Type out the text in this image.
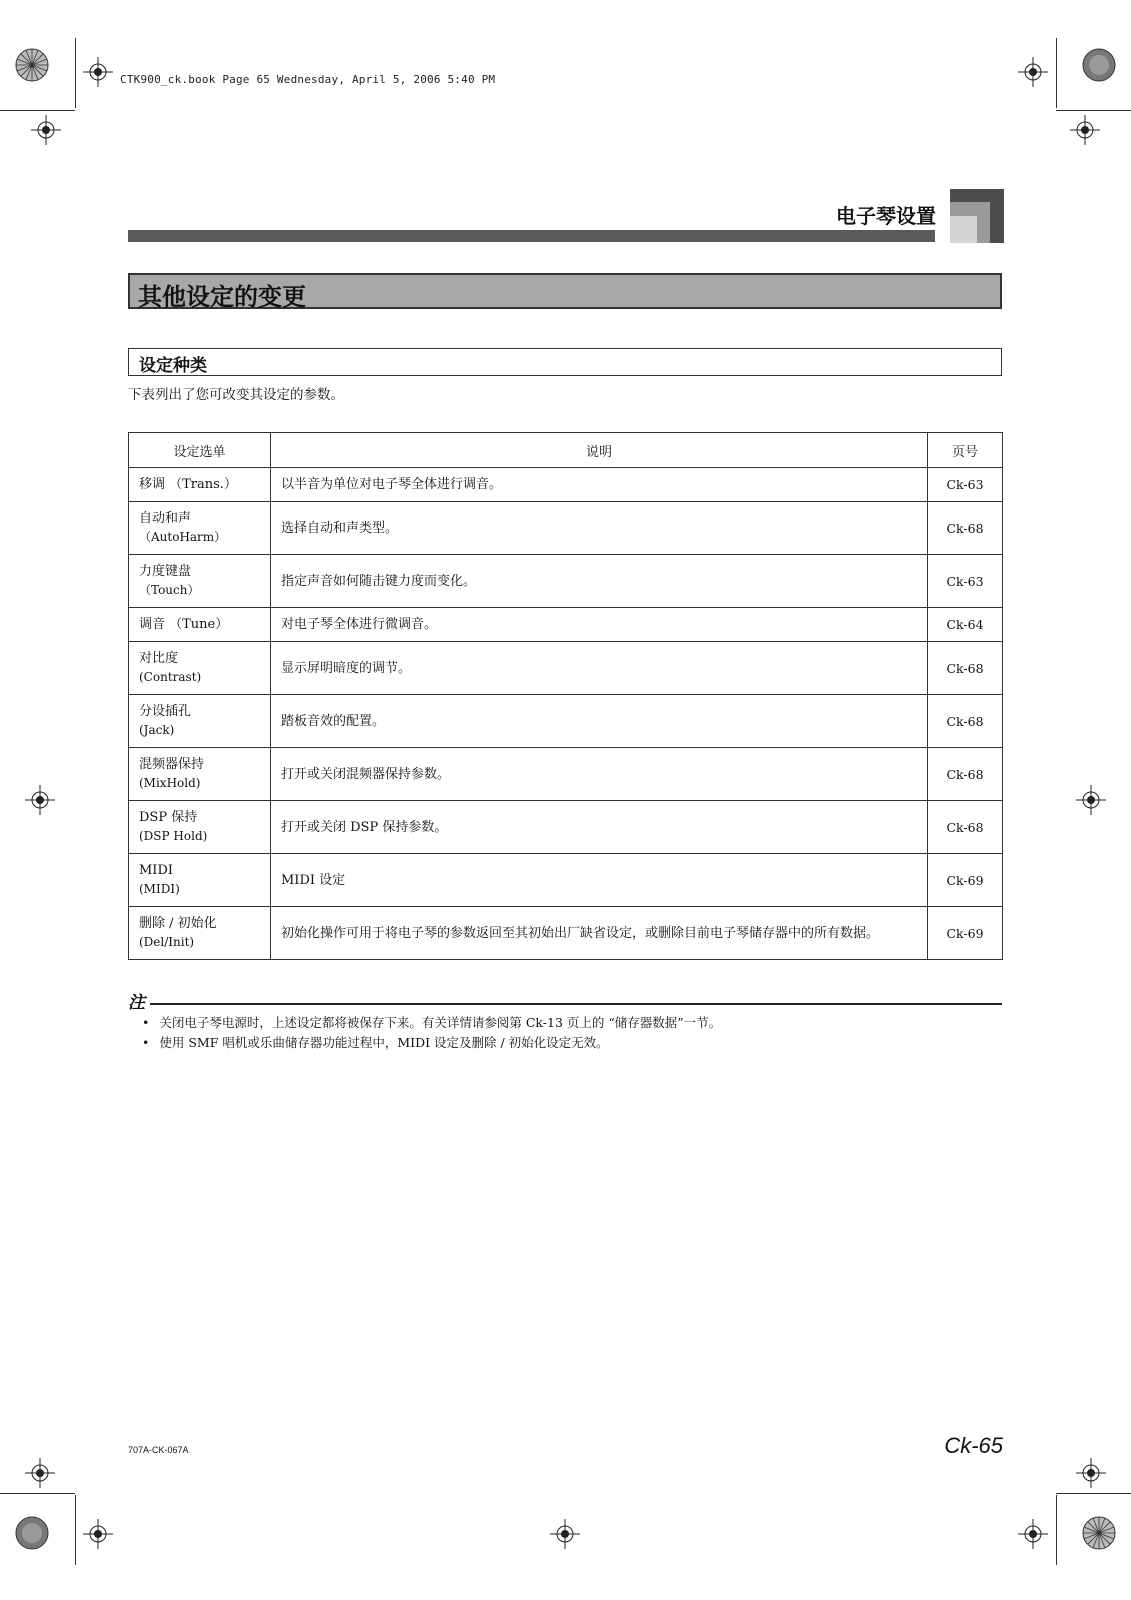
CTK900_ck.book Page 65 Wednesday, April 5, 2006 5:40 PM
电子琴设置
其他设定的变更
设定种类
下表列出了您可改变其设定的参数。
设定选单	说明	页号
移调 （Trans.）	以半音为单位对电子琴全体进行调音。	Ck-63
自动和声
（AutoHarm）	选择自动和声类型。	Ck-68
力度键盘
（Touch）	指定声音如何随击键力度而变化。	Ck-63
调音 （Tune）	对电子琴全体进行微调音。	Ck-64
对比度
(Contrast)	显示屏明暗度的调节。	Ck-68
分设插孔
(Jack)	踏板音效的配置。	Ck-68
混频器保持
(MixHold)	打开或关闭混频器保持参数。	Ck-68
DSP 保持
(DSP Hold)	打开或关闭 DSP 保持参数。	Ck-68
MIDI
(MIDI)	MIDI 设定	Ck-69
删除 / 初始化
(Del/Init)	初始化操作可用于将电子琴的参数返回至其初始出厂缺省设定，或删除目前电子琴储存器中的所有数据。	Ck-69
注
• 关闭电子琴电源时，上述设定都将被保存下来。有关详情请参阅第 Ck-13 页上的 “储存器数据”一节。
• 使用 SMF 唱机或乐曲储存器功能过程中，MIDI 设定及删除 / 初始化设定无效。
707A-CK-067A	Ck-65
